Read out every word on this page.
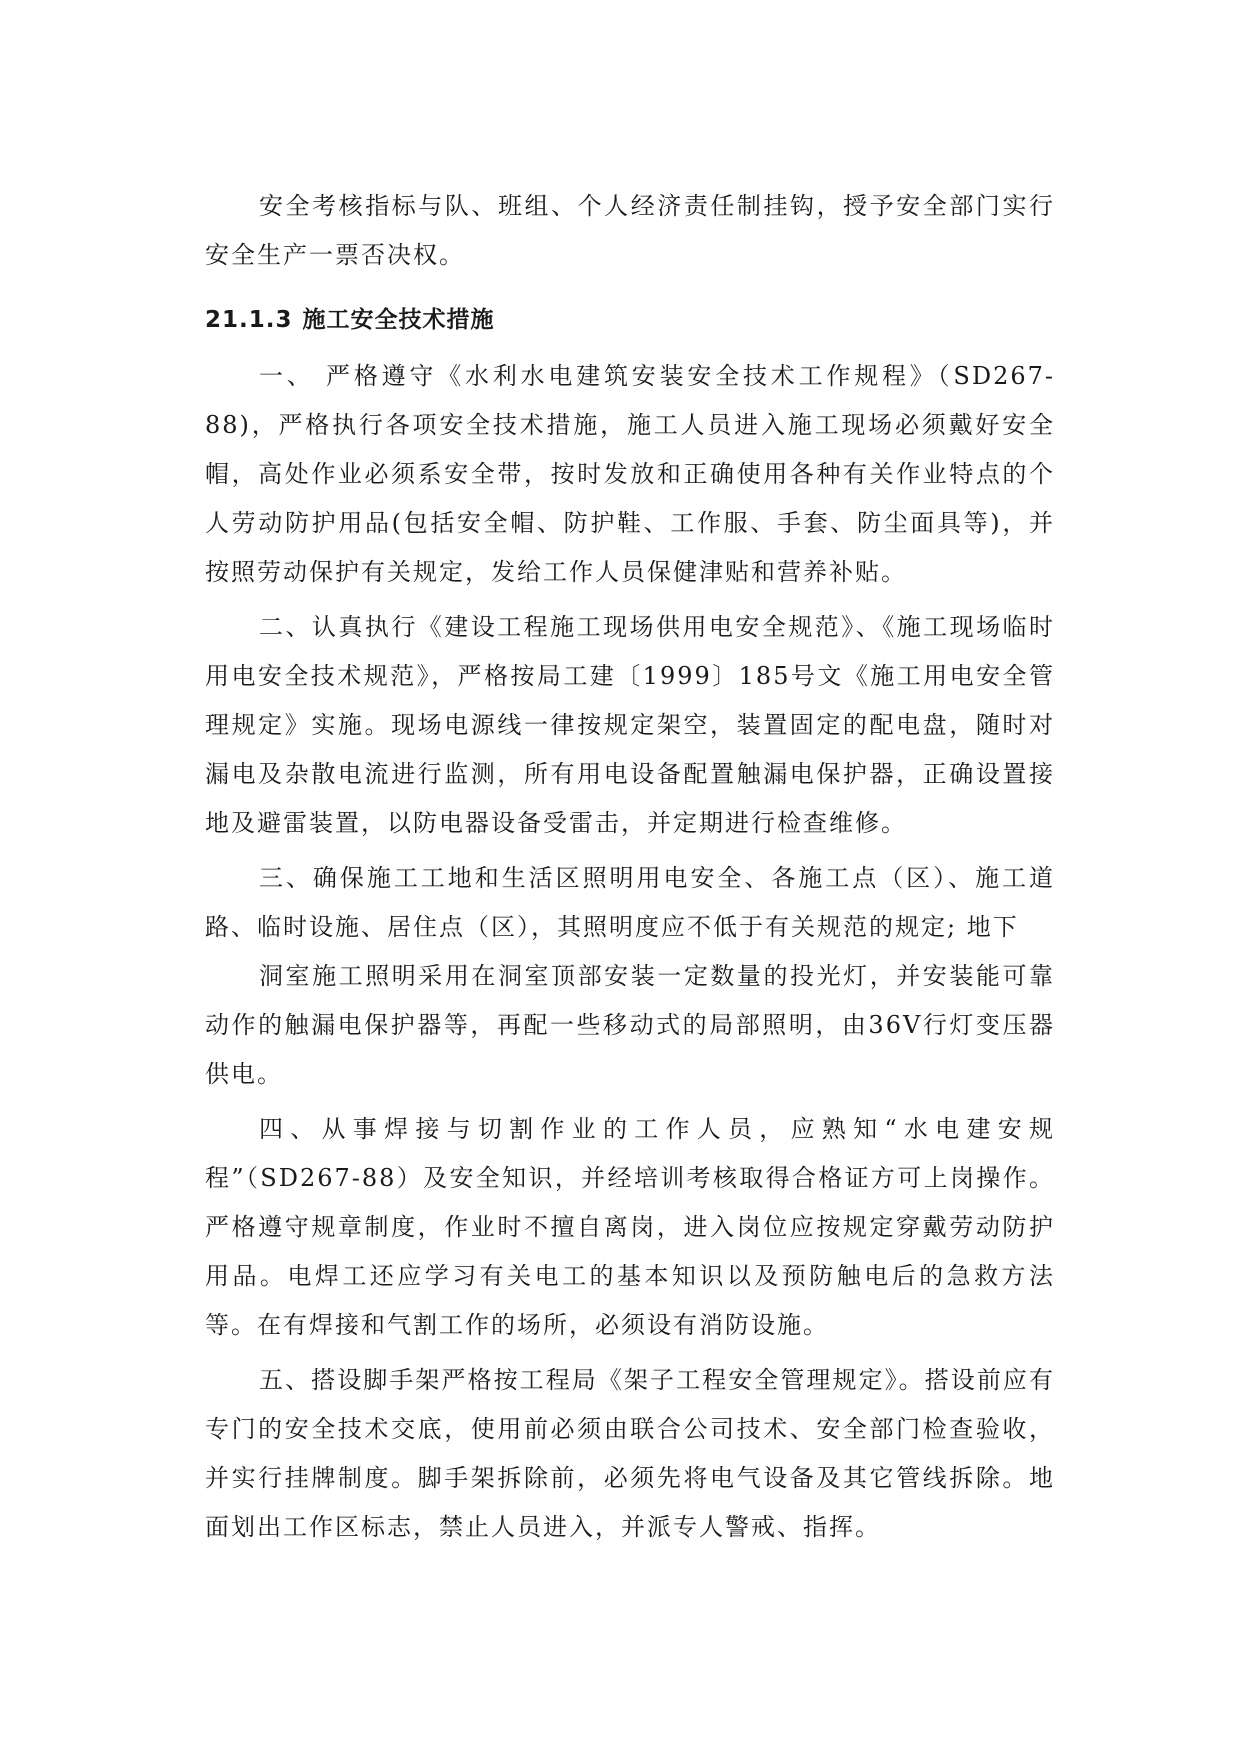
安全考核指标与队、班组、个人经济责任制挂钩，授予安全部门实行安全生产一票否决权。

21.1.3 施工安全技术措施

一、 严格遵守《水利水电建筑安装安全技术工作规程》（SD267-88)，严格执行各项安全技术措施，施工人员进入施工现场必须戴好安全帽，高处作业必须系安全带，按时发放和正确使用各种有关作业特点的个人劳动防护用品(包括安全帽、防护鞋、工作服、手套、防尘面具等)，并按照劳动保护有关规定，发给工作人员保健津贴和营养补贴。

二、认真执行《建设工程施工现场供用电安全规范》、《施工现场临时用电安全技术规范》，严格按局工建〔1999〕185号文《施工用电安全管理规定》实施。现场电源线一律按规定架空，装置固定的配电盘，随时对漏电及杂散电流进行监测，所有用电设备配置触漏电保护器，正确设置接地及避雷装置，以防电器设备受雷击，并定期进行检查维修。

三、确保施工工地和生活区照明用电安全、各施工点（区）、施工道路、临时设施、居住点（区），其照明度应不低于有关规范的规定; 地下

洞室施工照明采用在洞室顶部安装一定数量的投光灯，并安装能可靠动作的触漏电保护器等，再配一些移动式的局部照明，由36V行灯变压器供电。

四、从事焊接与切割作业的工作人员，应熟知“水电建安规程”（SD267-88）及安全知识，并经培训考核取得合格证方可上岗操作。严格遵守规章制度，作业时不擅自离岗，进入岗位应按规定穿戴劳动防护用品。电焊工还应学习有关电工的基本知识以及预防触电后的急救方法等。在有焊接和气割工作的场所，必须设有消防设施。

五、搭设脚手架严格按工程局《架子工程安全管理规定》。搭设前应有专门的安全技术交底，使用前必须由联合公司技术、安全部门检查验收，并实行挂牌制度。脚手架拆除前，必须先将电气设备及其它管线拆除。地面划出工作区标志，禁止人员进入，并派专人警戒、指挥。
